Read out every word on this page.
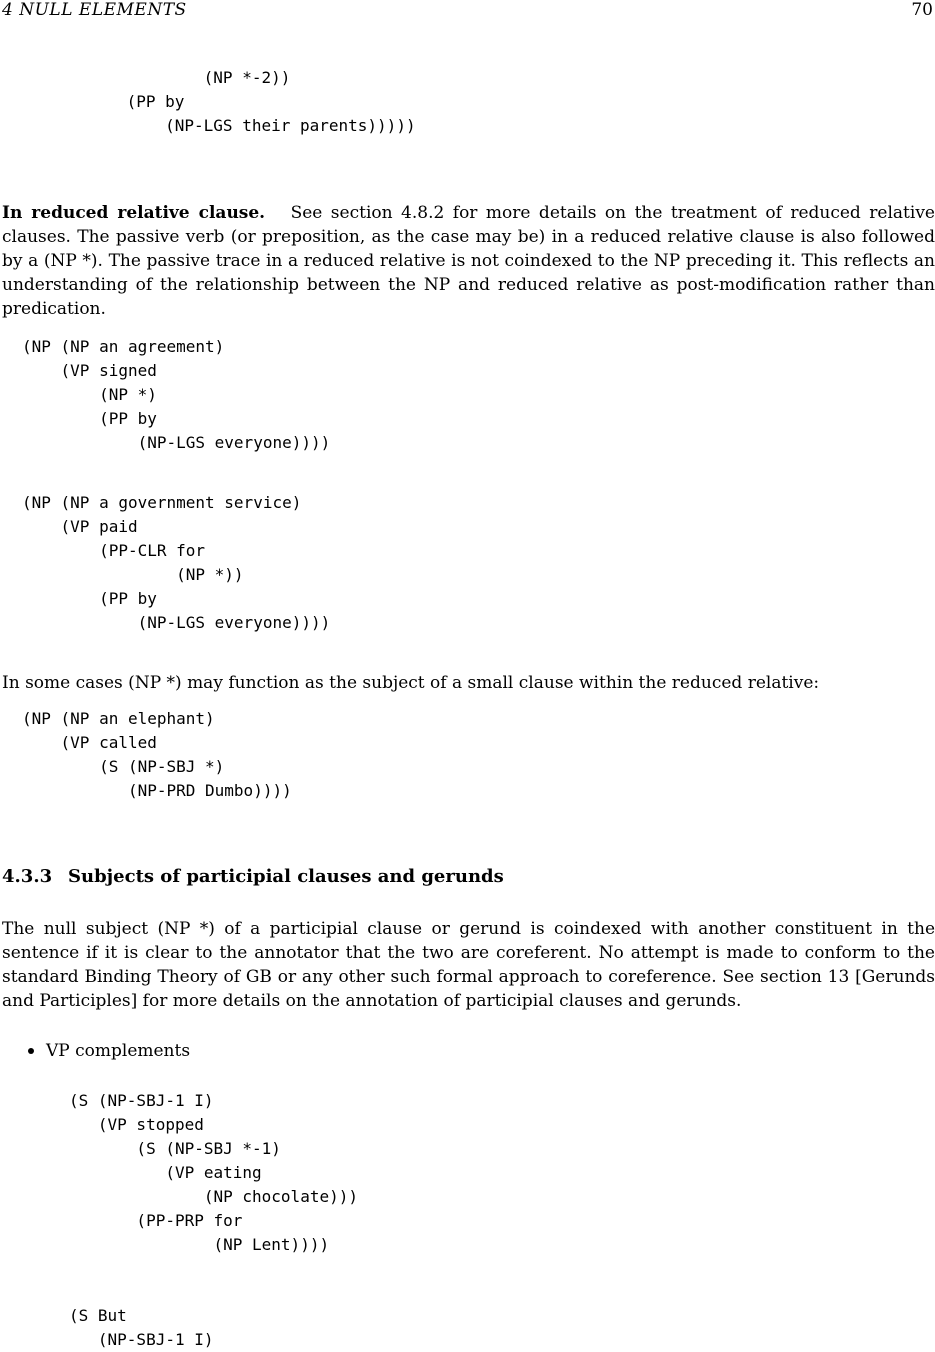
4 NULL ELEMENTS	70
(NP *-2))
(PP by
(NP-LGS their parents)))))

In reduced relative clause. See section 4.8.2 for more details on the treatment of reduced relative clauses. The passive verb (or preposition, as the case may be) in a reduced relative clause is also followed by a (NP *). The passive trace in a reduced relative is not coindexed to the NP preceding it. This reflects an understanding of the relationship between the NP and reduced relative as post-modification rather than predication.

(NP (NP an agreement)
(VP signed
(NP *)
(PP by
(NP-LGS everyone))))
(NP (NP a government service)
(VP paid
(PP-CLR for
(NP *))
(PP by
(NP-LGS everyone))))

In some cases (NP *) may function as the subject of a small clause within the reduced relative:

(NP (NP an elephant)
(VP called
(S (NP-SBJ *)
(NP-PRD Dumbo))))
4.3.3 Subjects of participial clauses and gerunds

The null subject (NP *) of a participial clause or gerund is coindexed with another constituent in the sentence if it is clear to the annotator that the two are coreferent. No attempt is made to conform to the standard Binding Theory of GB or any other such formal approach to coreference. See section 13 [Gerunds and Participles] for more details on the annotation of participial clauses and gerunds.

VP complements
(S (NP-SBJ-1 I)
(VP stopped
(S (NP-SBJ *-1)
(VP eating
(NP chocolate)))
(PP-PRP for
(NP Lent))))
(S But
(NP-SBJ-1 I)
